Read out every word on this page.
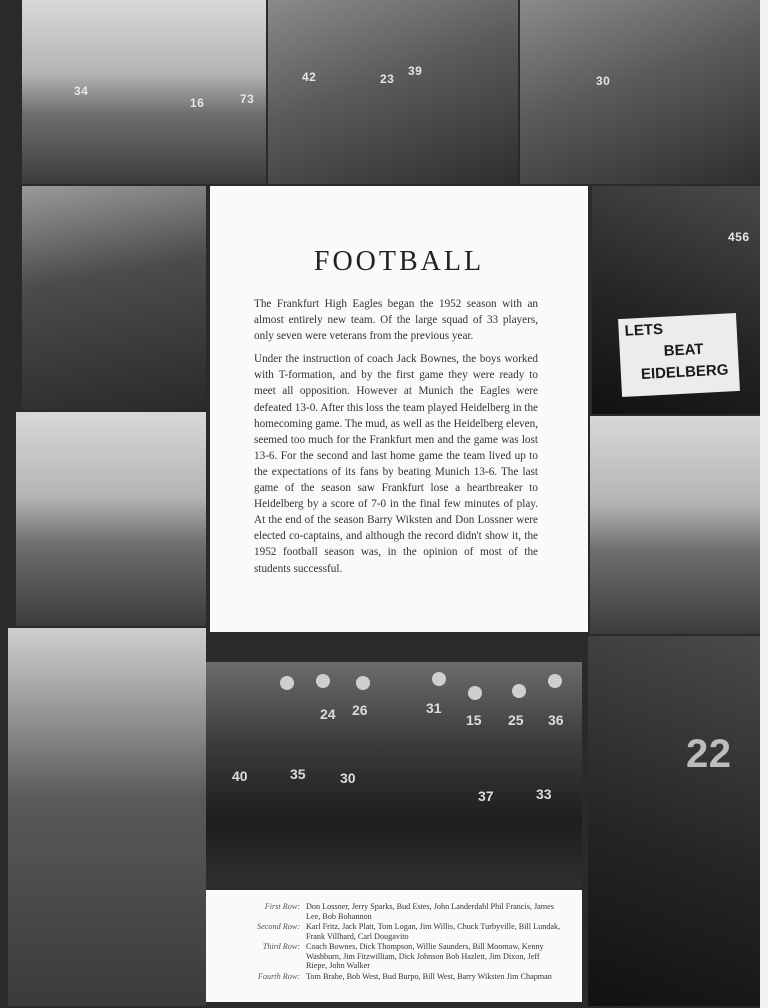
34
16	73
42	23
39
30
456
LETS
BEAT
EIDELBERG
22
FOOTBALL

The Frankfurt High Eagles began the 1952 season with an almost entirely new team. Of the large squad of 33 players, only seven were veterans from the previous year.

Under the instruction of coach Jack Bownes, the boys worked with T-formation, and by the first game they were ready to meet all opposition. However at Munich the Eagles were defeated 13-0. After this loss the team played Heidelberg in the homecoming game. The mud, as well as the Heidelberg eleven, seemed too much for the Frankfurt men and the game was lost 13-6. For the second and last home game the team lived up to the expectations of its fans by beating Munich 13-6. The last game of the season saw Frankfurt lose a heartbreaker to Heidelberg by a score of 7-0 in the final few minutes of play. At the end of the season Barry Wiksten and Don Lossner were elected co-captains, and although the record didn't show it, the 1952 football season was, in the opinion of most of the students successful.

24 26	31
15 25 36
40	35 30
37	33
First Row: Don Lossner, Jerry Sparks, Bud Estes, John Landerdahl Phil Francis, James Lee, Bob Bohannon
Second Row: Karl Fritz, Jack Platt, Tom Logan, Jim Willis, Chuck Turbyville, Bill Lundak, Frank Villhard, Carl Dougavito
Third Row: Coach Bownes, Dick Thompson, Willie Saunders, Bill Moomaw, Kenny Washburn, Jim Fitzwilliam, Dick Johnson Bob Hazlett, Jim Dixon, Jeff Riepe, John Walker
Fourth Row: Tom Brahe, Bob West, Bud Burpo, Bill West, Barry Wiksten Jim Chapman
